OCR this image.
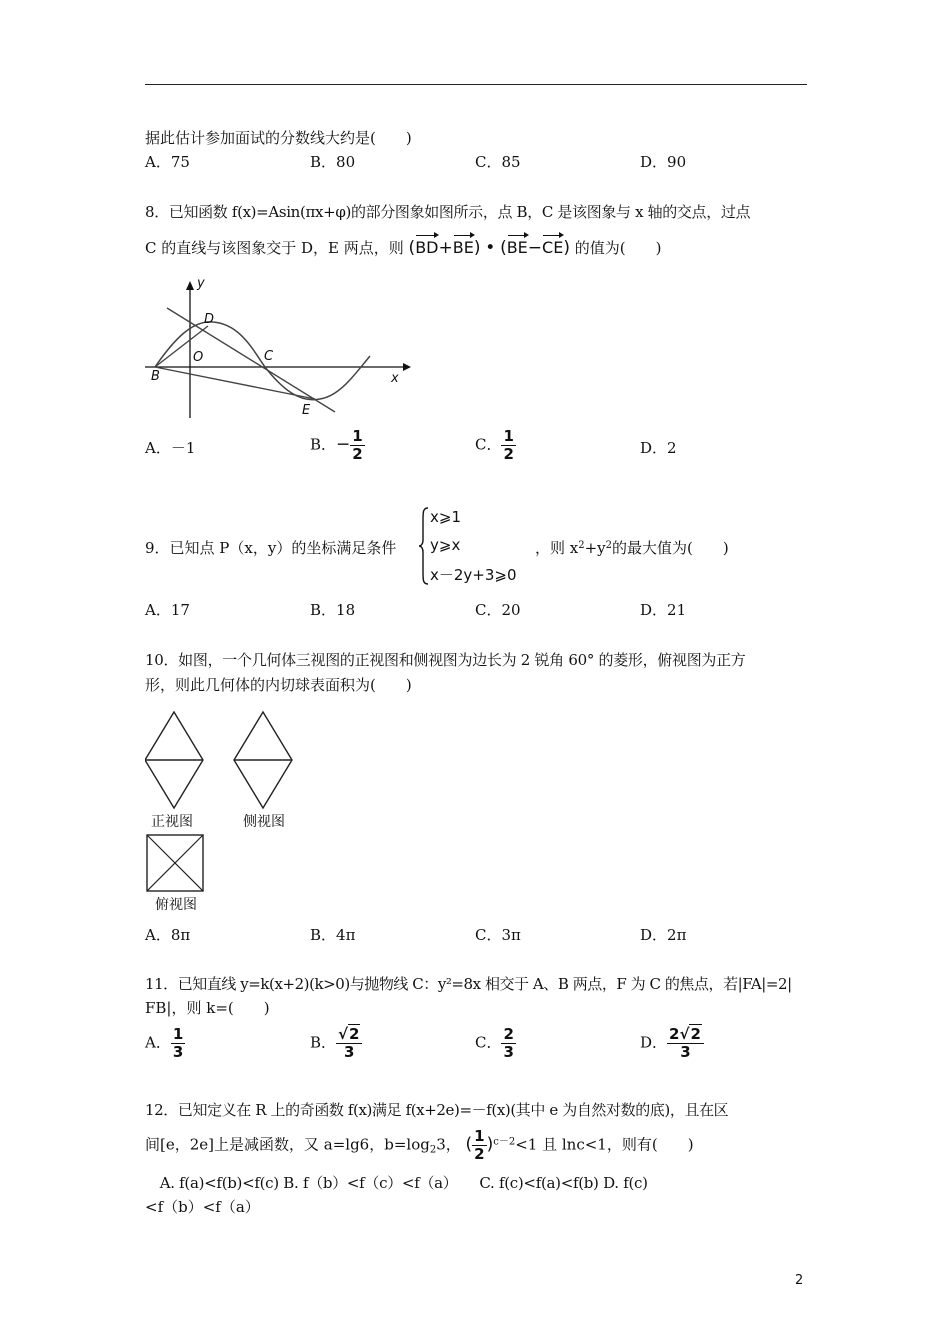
据此估计参加面试的分数线大约是(　　)
A．75	B．80	C．85	D．90
8．已知函数 f(x)=Asin(πx+φ)的部分图象如图所示，点 B，C 是该图象与 x 轴的交点，过点
C 的直线与该图象交于 D，E 两点，则 (BD+BE) • (BE−CE) 的值为(　　)
y
x
D
O	C
B
E
A．－1	B．− $\frac{1}{2}$	C． $\frac{1}{2}$	D．2
9．已知点 P（x，y）的坐标满足条件
x⩾1
y⩾x
x－2y+3⩾0
，则 $x^2+y^2$的最大值为(　　)
A．17	B．18	C．20	D．21
10．如图，一个几何体三视图的正视图和侧视图为边长为 2 锐角 60° 的菱形，俯视图为正方
形，则此几何体的内切球表面积为(　　)
正视图	侧视图
俯视图
A．8π	B．4π	C．3π	D．2π
11．已知直线 y=k(x+2)(k>0)与抛物线 C：y²=8x 相交于 A、B 两点，F 为 C 的焦点，若|FA|=2|
FB|，则 k=(　　)
A． $\frac{1}{3}$	B． $\frac{√2}{3}$	C． $\frac{2}{3}$	D． $\frac{2√2}{3}$
12．已知定义在 R 上的奇函数 f(x)满足 f(x+2e)=－f(x)(其中 e 为自然对数的底)，且在区
间[e，2e]上是减函数，又 a=lg6，$b=\log_23$， ( $\frac{1}{2} )^{c-2}<1$ 且 lnc<1，则有(　　)
　A. f(a)<f(b)<f(c) B. f（b）<f（c）<f（a）　　C. f(c)<f(a)<f(b) D. f(c)
<f（b）<f（a）
2
